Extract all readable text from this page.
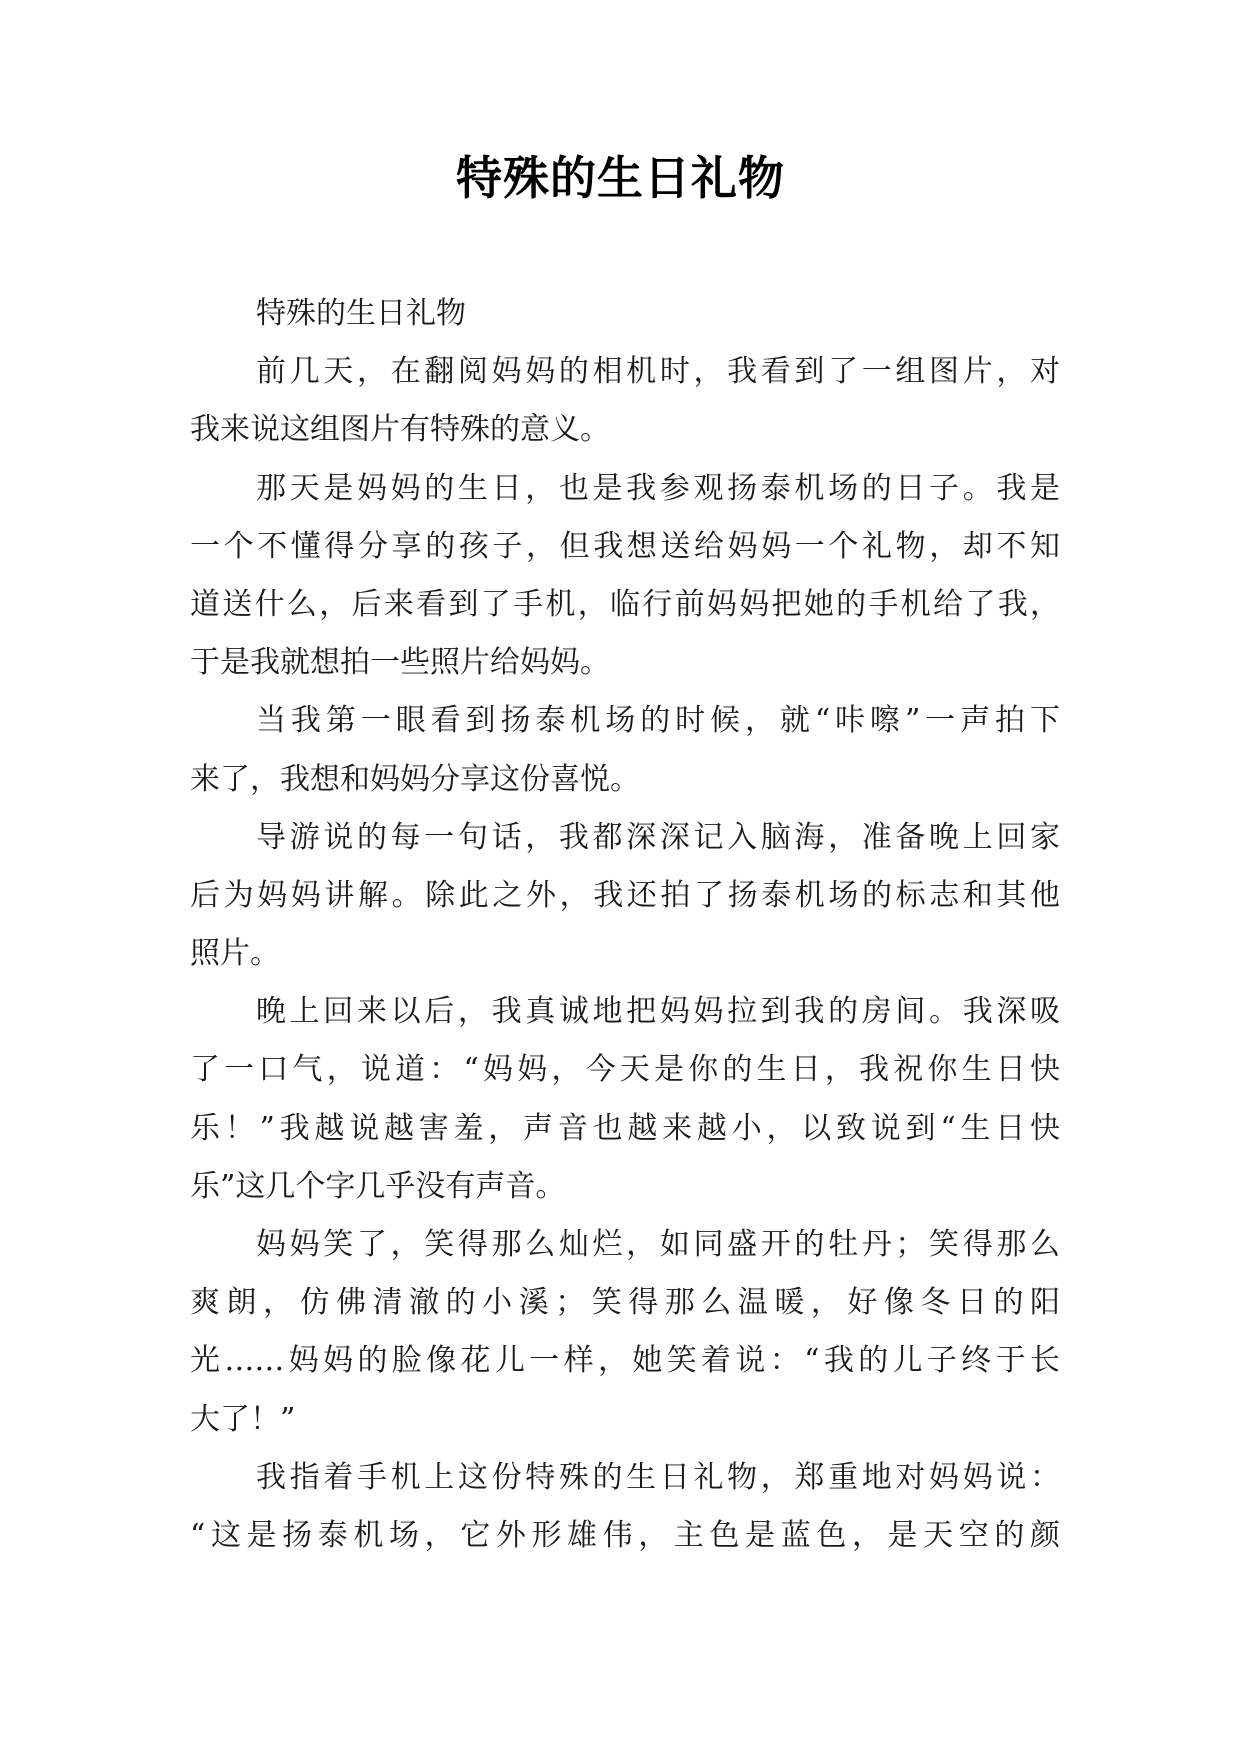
特殊的生日礼物
特殊的生日礼物
前几天，在翻阅妈妈的相机时，我看到了一组图片，对
我来说这组图片有特殊的意义。
那天是妈妈的生日，也是我参观扬泰机场的日子。我是
一个不懂得分享的孩子，但我想送给妈妈一个礼物，却不知
道送什么，后来看到了手机，临行前妈妈把她的手机给了我，
于是我就想拍一些照片给妈妈。
当我第一眼看到扬泰机场的时候，就“咔嚓”一声拍下
来了，我想和妈妈分享这份喜悦。
导游说的每一句话，我都深深记入脑海，准备晚上回家
后为妈妈讲解。除此之外，我还拍了扬泰机场的标志和其他
照片。
晚上回来以后，我真诚地把妈妈拉到我的房间。我深吸
了一口气，说道：“妈妈，今天是你的生日，我祝你生日快
乐！”我越说越害羞，声音也越来越小，以致说到“生日快
乐”这几个字几乎没有声音。
妈妈笑了，笑得那么灿烂，如同盛开的牡丹；笑得那么
爽朗，仿佛清澈的小溪；笑得那么温暖，好像冬日的阳
光……妈妈的脸像花儿一样，她笑着说：“我的儿子终于长
大了！”
我指着手机上这份特殊的生日礼物，郑重地对妈妈说：
“这是扬泰机场，它外形雄伟，主色是蓝色，是天空的颜
